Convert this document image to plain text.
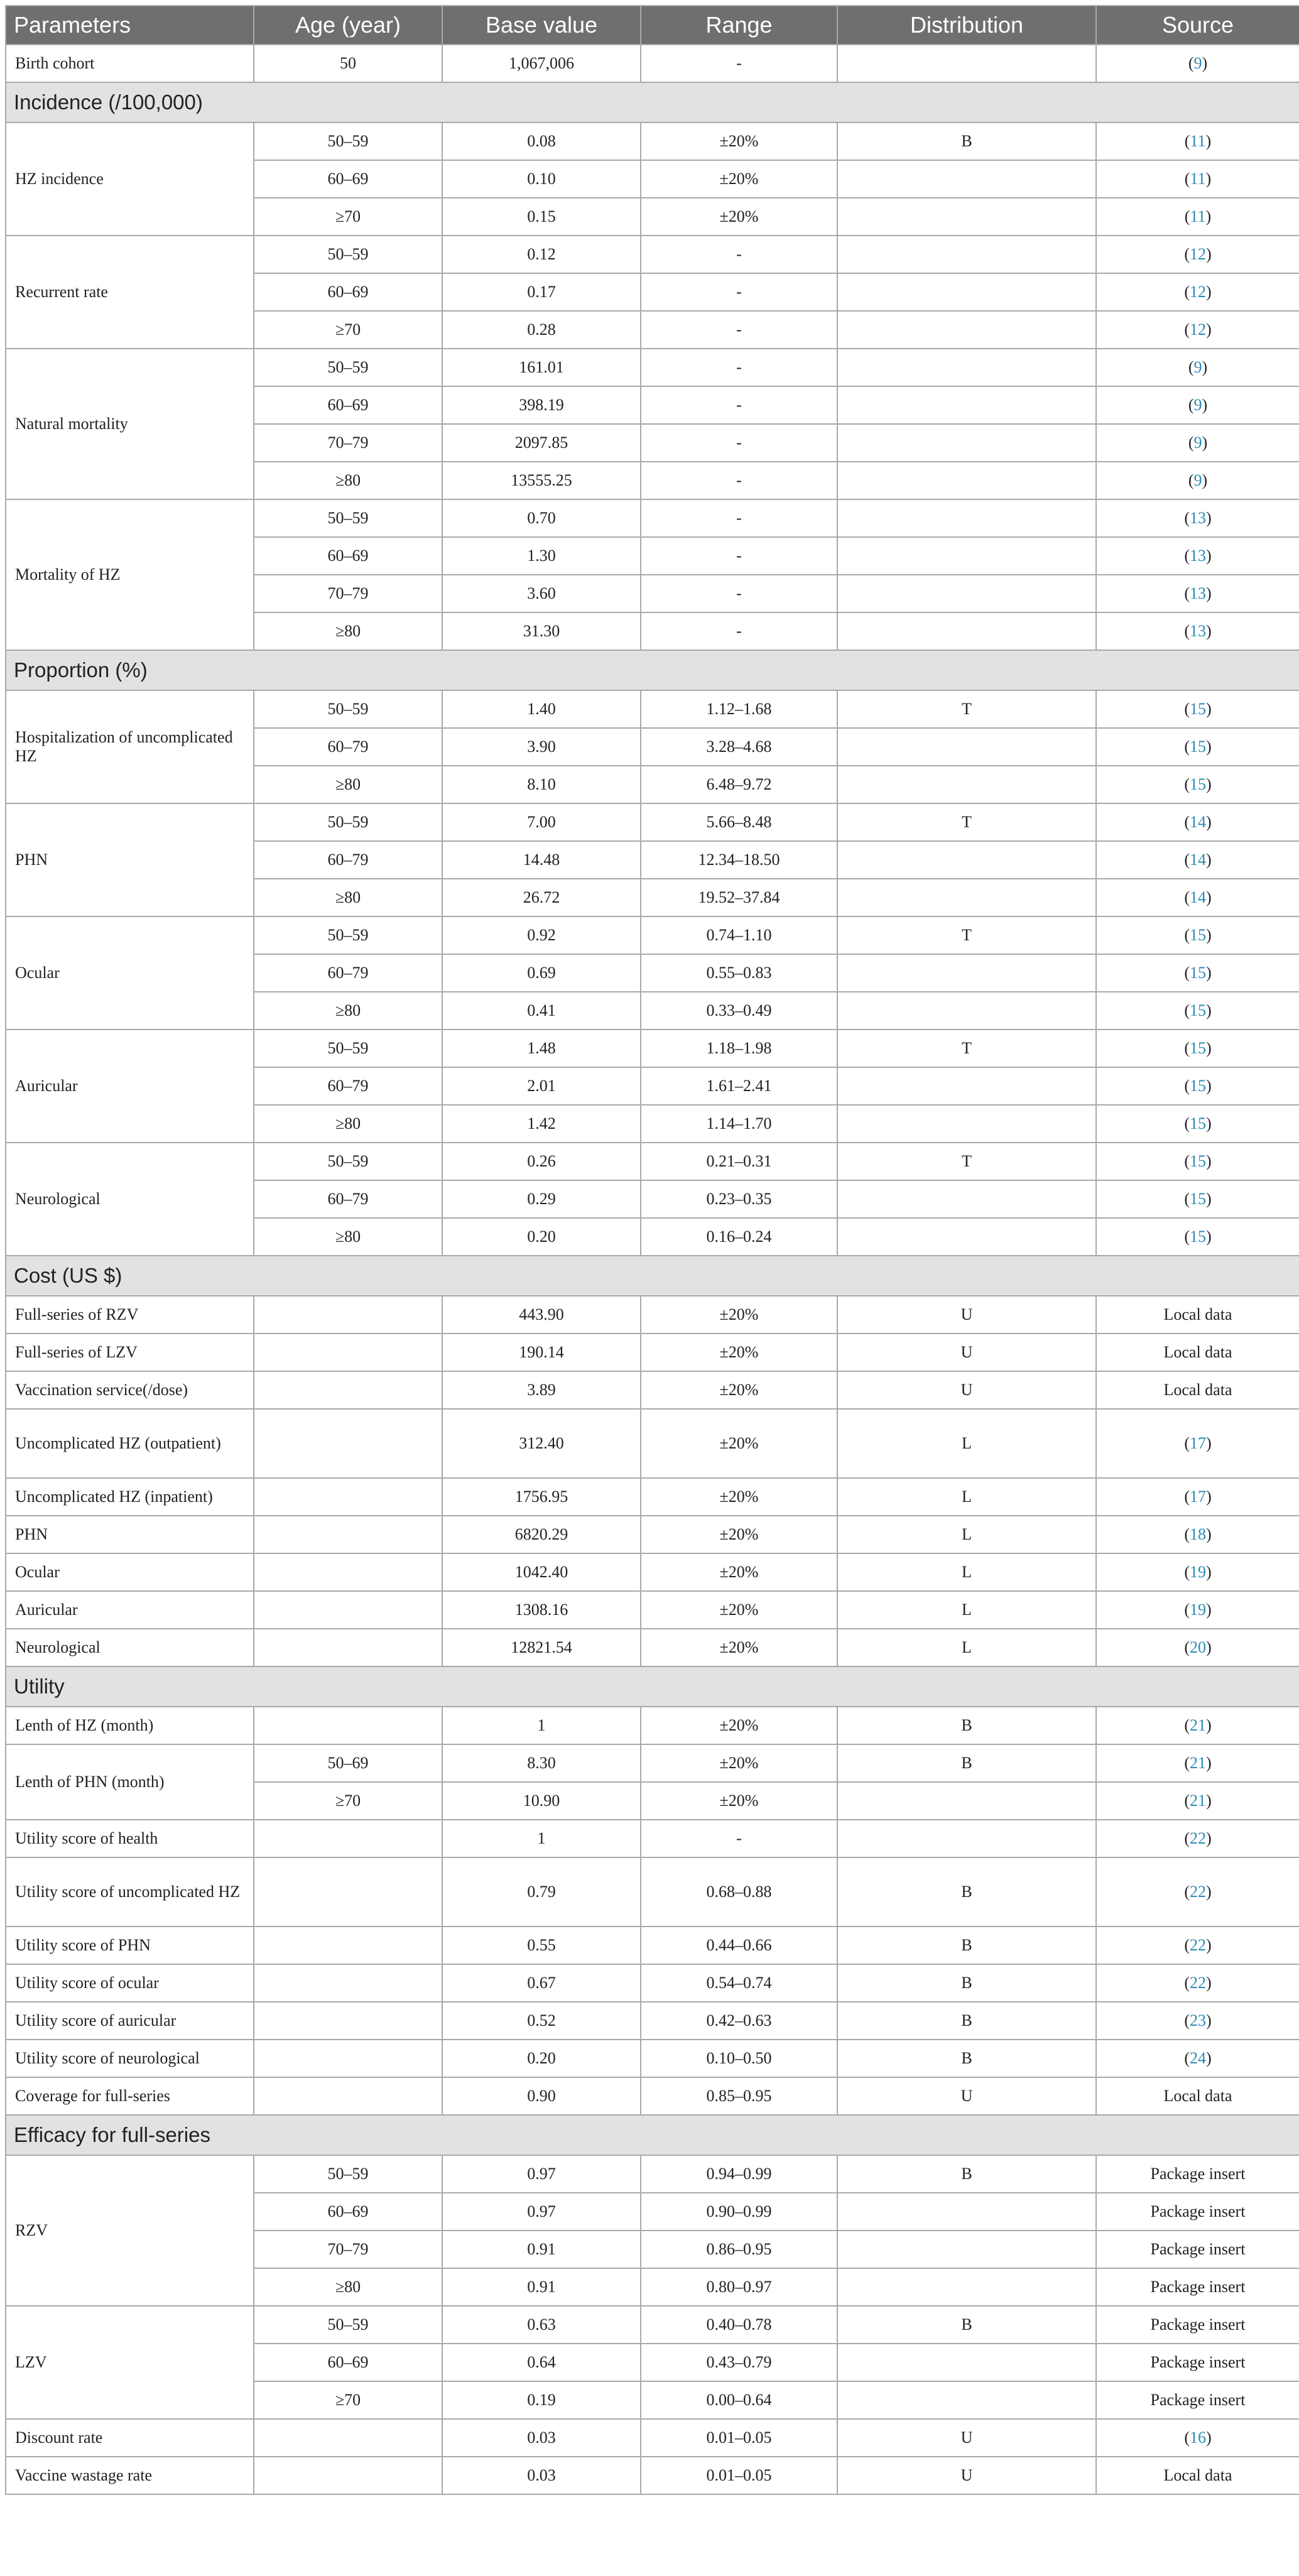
Parameters	Age (year)	Base value	Range	Distribution	Source
Birth cohort	50	1,067,006	-		(9)
Incidence (/100,000)					
HZ incidence	50–59	0.08	±20%	B	(11)
	60–69	0.10	±20%		(11)
	≥70	0.15	±20%		(11)
Recurrent rate	50–59	0.12	-		(12)
	60–69	0.17	-		(12)
	≥70	0.28	-		(12)
Natural mortality	50–59	161.01	-		(9)
	60–69	398.19	-		(9)
	70–79	2097.85	-		(9)
	≥80	13555.25	-		(9)
Mortality of HZ	50–59	0.70	-		(13)
	60–69	1.30	-		(13)
	70–79	3.60	-		(13)
	≥80	31.30	-		(13)
Proportion (%)					
Hospitalization of uncomplicated HZ	50–59	1.40	1.12–1.68	T	(15)
	60–79	3.90	3.28–4.68		(15)
	≥80	8.10	6.48–9.72		(15)
PHN	50–59	7.00	5.66–8.48	T	(14)
	60–79	14.48	12.34–18.50		(14)
	≥80	26.72	19.52–37.84		(14)
Ocular	50–59	0.92	0.74–1.10	T	(15)
	60–79	0.69	0.55–0.83		(15)
	≥80	0.41	0.33–0.49		(15)
Auricular	50–59	1.48	1.18–1.98	T	(15)
	60–79	2.01	1.61–2.41		(15)
	≥80	1.42	1.14–1.70		(15)
Neurological	50–59	0.26	0.21–0.31	T	(15)
	60–79	0.29	0.23–0.35		(15)
	≥80	0.20	0.16–0.24		(15)
Cost (US $)					
Full-series of RZV		443.90	±20%	U	Local data
Full-series of LZV		190.14	±20%	U	Local data
Vaccination service(/dose)		3.89	±20%	U	Local data
Uncomplicated HZ (outpatient)		312.40	±20%	L	(17)
Uncomplicated HZ (inpatient)		1756.95	±20%	L	(17)
PHN		6820.29	±20%	L	(18)
Ocular		1042.40	±20%	L	(19)
Auricular		1308.16	±20%	L	(19)
Neurological		12821.54	±20%	L	(20)
Utility					
Lenth of HZ (month)		1	±20%	B	(21)
Lenth of PHN (month)	50–69	8.30	±20%	B	(21)
	≥70	10.90	±20%		(21)
Utility score of health		1	-		(22)
Utility score of uncomplicated HZ		0.79	0.68–0.88	B	(22)
Utility score of PHN		0.55	0.44–0.66	B	(22)
Utility score of ocular		0.67	0.54–0.74	B	(22)
Utility score of auricular		0.52	0.42–0.63	B	(23)
Utility score of neurological		0.20	0.10–0.50	B	(24)
Coverage for full-series		0.90	0.85–0.95	U	Local data
Efficacy for full-series					
RZV	50–59	0.97	0.94–0.99	B	Package insert
	60–69	0.97	0.90–0.99		Package insert
	70–79	0.91	0.86–0.95		Package insert
	≥80	0.91	0.80–0.97		Package insert
LZV	50–59	0.63	0.40–0.78	B	Package insert
	60–69	0.64	0.43–0.79		Package insert
	≥70	0.19	0.00–0.64		Package insert
Discount rate		0.03	0.01–0.05	U	(16)
Vaccine wastage rate		0.03	0.01–0.05	U	Local data
